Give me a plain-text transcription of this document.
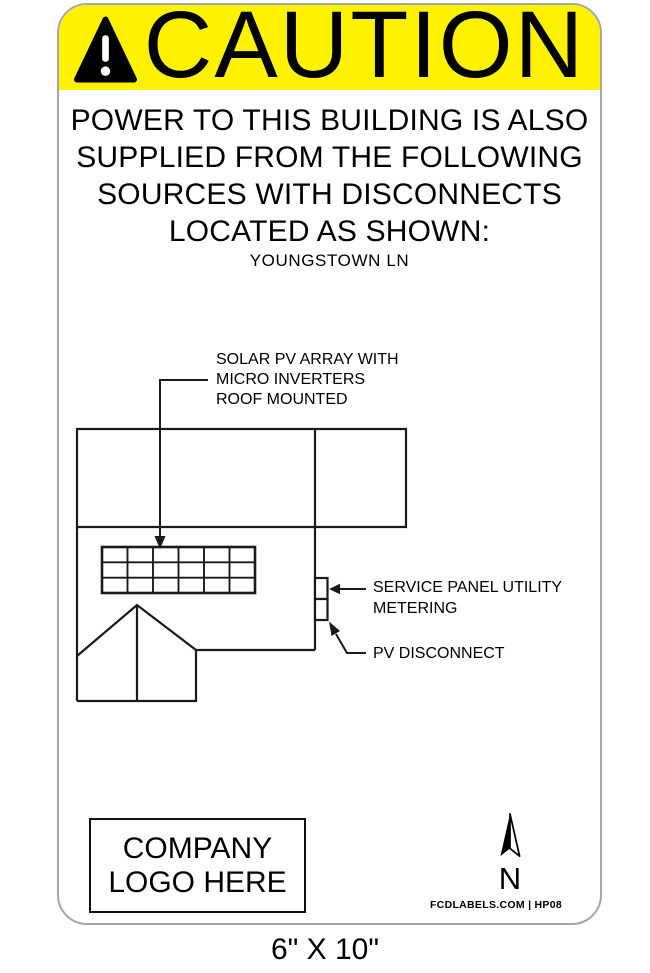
CAUTION
POWER TO THIS BUILDING IS ALSO
SUPPLIED FROM THE FOLLOWING
SOURCES WITH DISCONNECTS
LOCATED AS SHOWN:
YOUNGSTOWN LN
SOLAR PV ARRAY WITH
MICRO INVERTERS
ROOF MOUNTED
SERVICE PANEL UTILITY
METERING
PV DISCONNECT
COMPANY
LOGO HERE	N
FCDLABELS.COM | HP08
6" X 10"
